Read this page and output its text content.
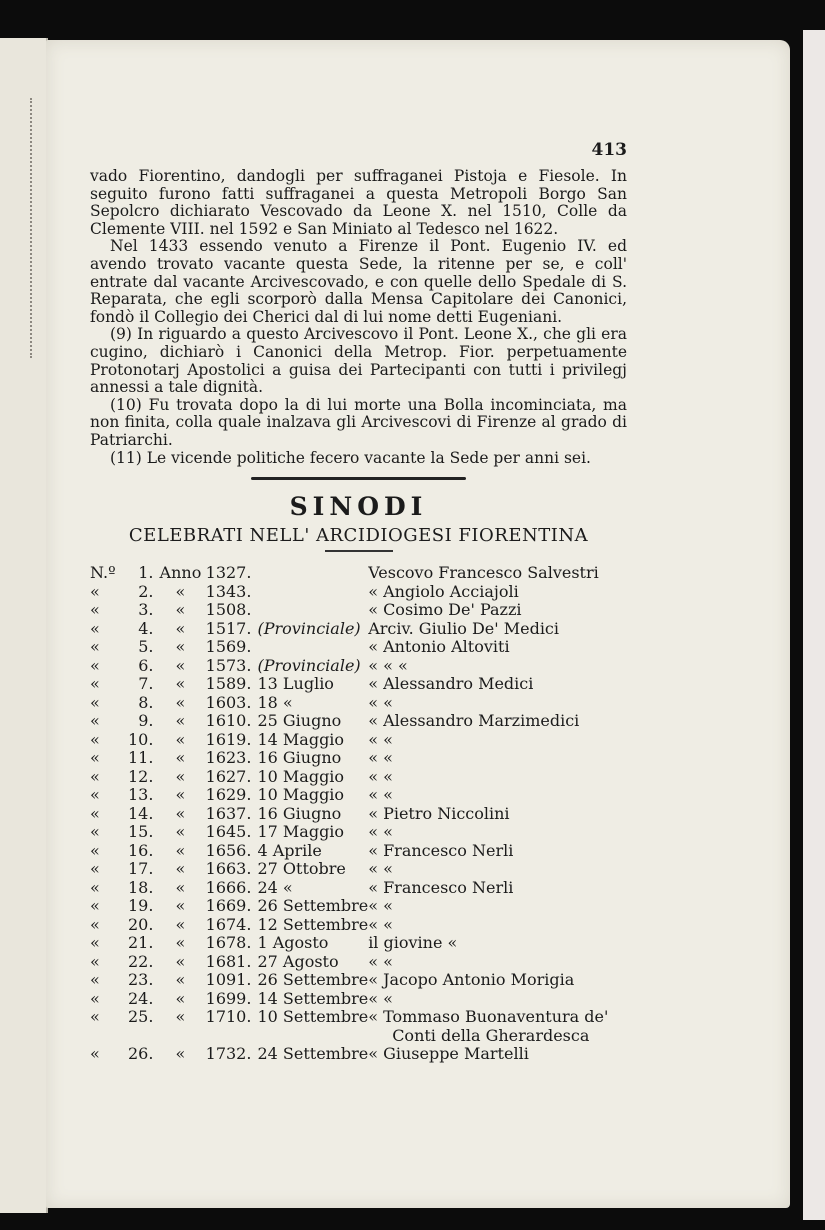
413

vado Fiorentino, dandogli per suffraganei Pistoja e Fiesole. In seguito furono fatti suffraganei a questa Metropoli Borgo San Sepolcro dichiarato Vescovado da Leone X. nel 1510, Colle da Clemente VIII. nel 1592 e San Miniato al Tedesco nel 1622.

Nel 1433 essendo venuto a Firenze il Pont. Eugenio IV. ed avendo trovato vacante questa Sede, la ritenne per se, e coll' entrate dal vacante Arcivescovado, e con quelle dello Spedale di S. Reparata, che egli scorporò dalla Mensa Capitolare dei Canonici, fondò il Collegio dei Cherici dal di lui nome detti Eugeniani.

(9) In riguardo a questo Arcivescovo il Pont. Leone X., che gli era cugino, dichiarò i Canonici della Metrop. Fior. perpetuamente Protonotarj Apostolici a guisa dei Partecipanti con tutti i privilegj annessi a tale dignità.

(10) Fu trovata dopo la di lui morte una Bolla incominciata, ma non finita, colla quale inalzava gli Arcivescovi di Firenze al grado di Patriarchi.

(11) Le vicende politiche fecero vacante la Sede per anni sei.

SINODI
CELEBRATI NELL' ARCIDIOGESI FIORENTINA
N.º	1.	Anno	1327.		Vescovo Francesco Salvestri
«	2.	«	1343.		« Angiolo Acciajoli
«	3.	«	1508.		« Cosimo De' Pazzi
«	4.	«	1517.	(Provinciale)	Arciv. Giulio De' Medici
«	5.	«	1569.		« Antonio Altoviti
«	6.	«	1573.	(Provinciale)	« « «
«	7.	«	1589.	13 Luglio	« Alessandro Medici
«	8.	«	1603.	18 «	« «
«	9.	«	1610.	25 Giugno	« Alessandro Marzimedici
«	10.	«	1619.	14 Maggio	« «
«	11.	«	1623.	16 Giugno	« «
«	12.	«	1627.	10 Maggio	« «
«	13.	«	1629.	10 Maggio	« «
«	14.	«	1637.	16 Giugno	« Pietro Niccolini
«	15.	«	1645.	17 Maggio	« «
«	16.	«	1656.	4 Aprile	« Francesco Nerli
«	17.	«	1663.	27 Ottobre	« «
«	18.	«	1666.	24 «	« Francesco Nerli
«	19.	«	1669.	26 Settembre	« «
«	20.	«	1674.	12 Settembre	« «
«	21.	«	1678.	1 Agosto	il giovine «
«	22.	«	1681.	27 Agosto	« «
«	23.	«	1091.	26 Settembre	« Jacopo Antonio Morigia
«	24.	«	1699.	14 Settembre	« «
«	25.	«	1710.	10 Settembre	« Tommaso Buonaventura de'
					Conti della Gherardesca
«	26.	«	1732.	24 Settembre	« Giuseppe Martelli
